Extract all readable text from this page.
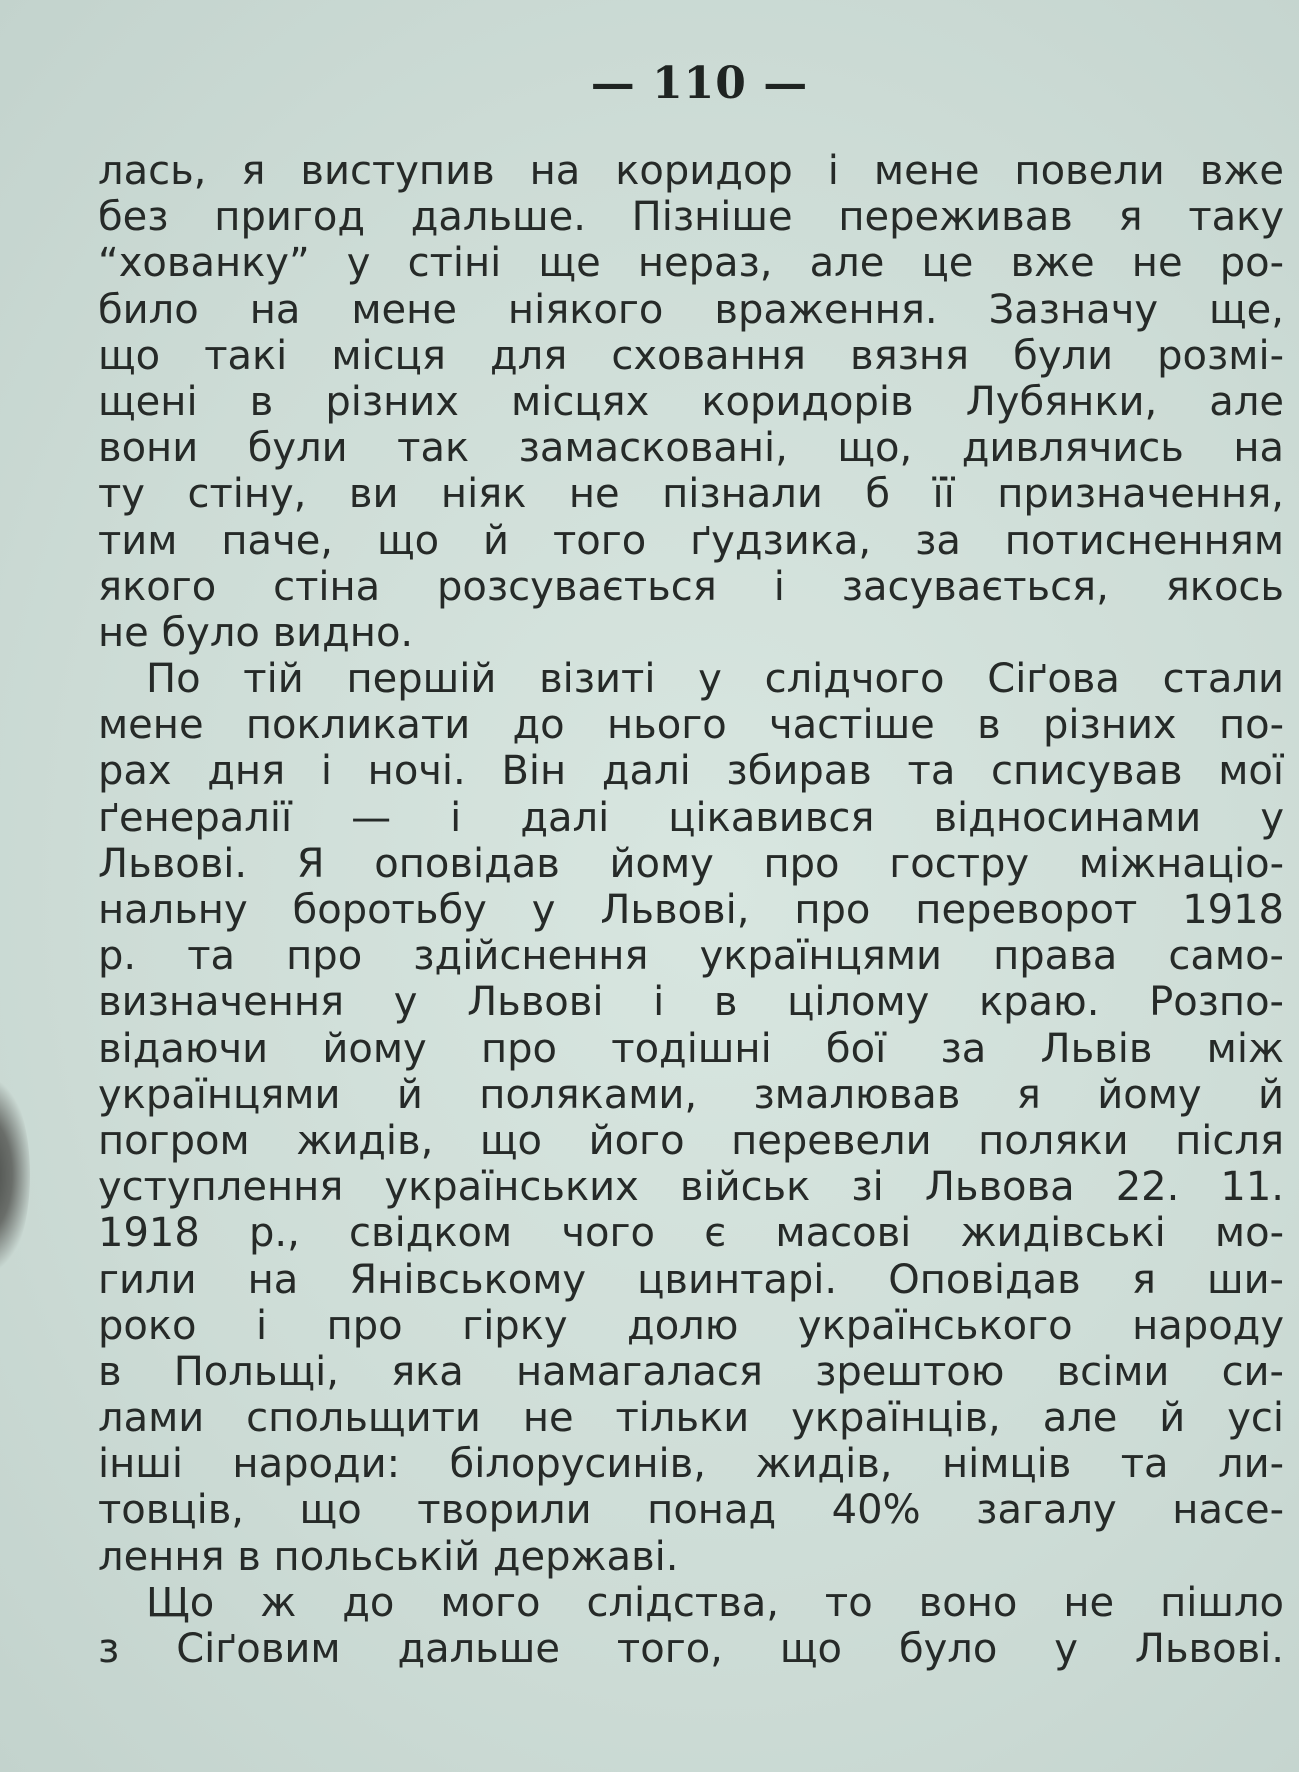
— 110 —
лась, я виступив на коридор і мене повели вже
без пригод дальше. Пізніше переживав я таку
“хованку” у стіні ще нераз, але це вже не ро-
било на мене ніякого враження. Зазначу ще,
що такі місця для сховання вязня були розмі-
щені в різних місцях коридорів Лубянки, але
вони були так замасковані, що, дивлячись на
ту стіну, ви ніяк не пізнали б її призначення,
тим паче, що й того ґудзика, за потисненням
якого стіна розсувається і засувається, якось
не було видно.
По тій першій візиті у слідчого Сіґова стали
мене покликати до нього частіше в різних по-
рах дня і ночі. Він далі збирав та списував мої
ґенералії — і далі цікавився відносинами у
Львові. Я оповідав йому про гостру міжнаціо-
нальну боротьбу у Львові, про переворот 1918
р. та про здійснення українцями права само-
визначення у Львові і в цілому краю. Розпо-
відаючи йому про тодішні бої за Львів між
українцями й поляками, змалював я йому й
погром жидів, що його перевели поляки після
уступлення українських військ зі Львова 22. 11.
1918 р., свідком чого є масові жидівські мо-
гили на Янівському цвинтарі. Оповідав я ши-
роко і про гірку долю українського народу
в Польщі, яка намагалася зрештою всіми си-
лами спольщити не тільки українців, але й усі
інші народи: білорусинів, жидів, німців та ли-
товців, що творили понад 40% загалу насе-
лення в польській державі.
Що ж до мого слідства, то воно не пішло
з Сіґовим дальше того, що було у Львові.
